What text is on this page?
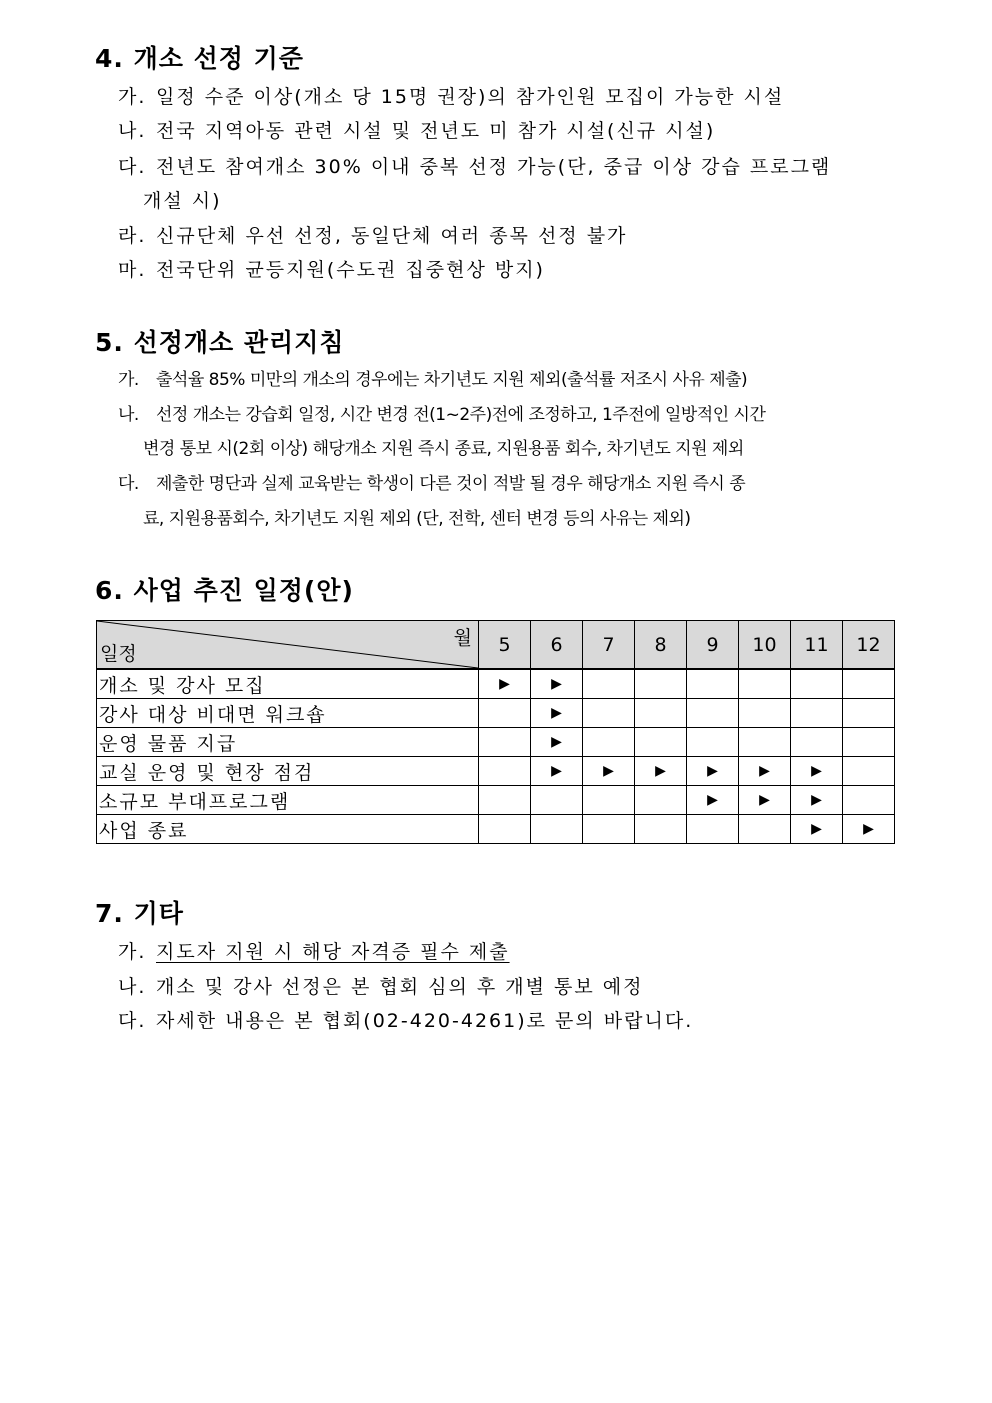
4. 개소 선정 기준
가. 일정 수준 이상(개소 당 15명 권장)의 참가인원 모집이 가능한 시설
나. 전국 지역아동 관련 시설 및 전년도 미 참가 시설(신규 시설)
다. 전년도 참여개소 30% 이내 중복 선정 가능(단, 중급 이상 강습 프로그램
개설 시)
라. 신규단체 우선 선정, 동일단체 여러 종목 선정 불가
마. 전국단위 균등지원(수도권 집중현상 방지)
5. 선정개소 관리지침
가. 출석율 85% 미만의 개소의 경우에는 차기년도 지원 제외(출석률 저조시 사유 제출)
나. 선정 개소는 강습회 일정, 시간 변경 전(1~2주)전에 조정하고, 1주전에 일방적인 시간
변경 통보 시(2회 이상) 해당개소 지원 즉시 종료, 지원용품 회수, 차기년도 지원 제외
다. 제출한 명단과 실제 교육받는 학생이 다른 것이 적발 될 경우 해당개소 지원 즉시 종
료, 지원용품회수, 차기년도 지원 제외 (단, 전학, 센터 변경 등의 사유는 제외)
6. 사업 추진 일정(안)
월
일정	5	6	7	8	9	10	11	12
개소 및 강사 모집	▶	▶						
강사 대상 비대면 워크숍		▶						
운영 물품 지급		▶						
교실 운영 및 현장 점검		▶	▶	▶	▶	▶	▶	
소규모 부대프로그램					▶	▶	▶	
사업 종료							▶	▶
7. 기타
가. 지도자 지원 시 해당 자격증 필수 제출
나. 개소 및 강사 선정은 본 협회 심의 후 개별 통보 예정
다. 자세한 내용은 본 협회(02-420-4261)로 문의 바랍니다.
